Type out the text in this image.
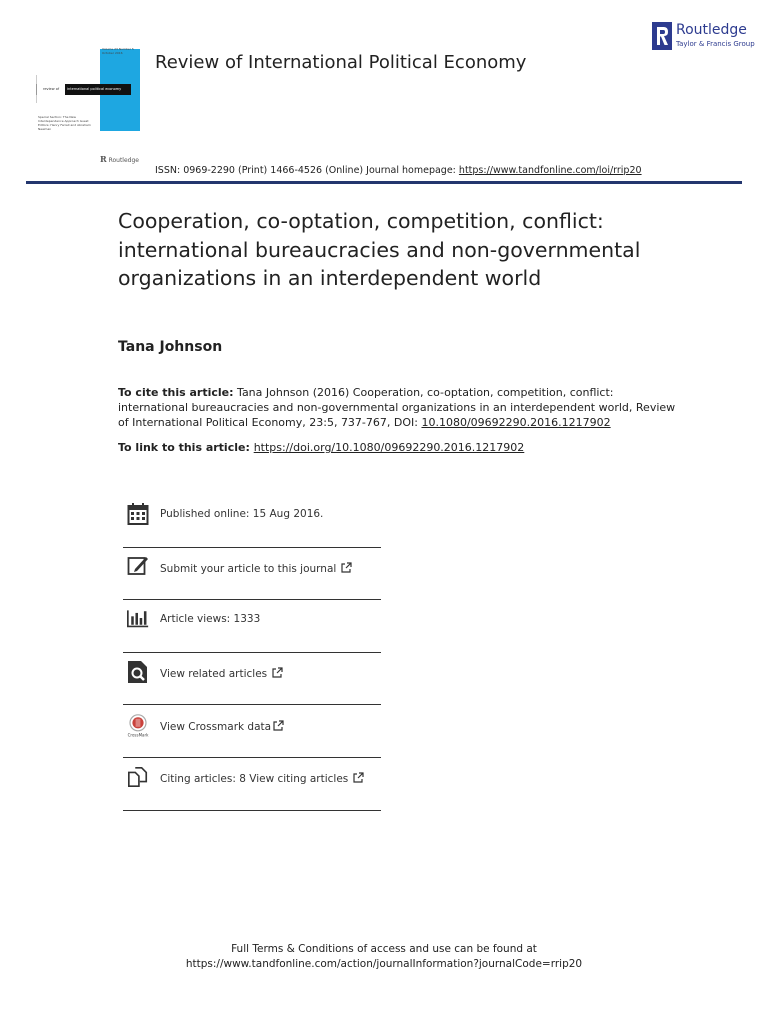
Volume 23 Number 5 October 2016
review of international political economy
Special Section: The New Interdependence Approach Guest Editors: Henry Farrell and Abraham Newman
R Routledge
Review of International Political Economy
Routledge
Taylor & Francis Group
ISSN: 0969-2290 (Print) 1466-4526 (Online) Journal homepage: https://www.tandfonline.com/loi/rrip20
Cooperation, co-optation, competition, conflict: international bureaucracies and non-governmental organizations in an interdependent world
Tana Johnson
To cite this article: Tana Johnson (2016) Cooperation, co-optation, competition, conflict: international bureaucracies and non-governmental organizations in an interdependent world, Review of International Political Economy, 23:5, 737-767, DOI: 10.1080/09692290.2016.1217902
To link to this article: https://doi.org/10.1080/09692290.2016.1217902
Published online: 15 Aug 2016.
Submit your article to this journal
Article views: 1333
View related articles
CrossMark
View Crossmark data
Citing articles: 8 View citing articles
Full Terms & Conditions of access and use can be found at
https://www.tandfonline.com/action/journalInformation?journalCode=rrip20
